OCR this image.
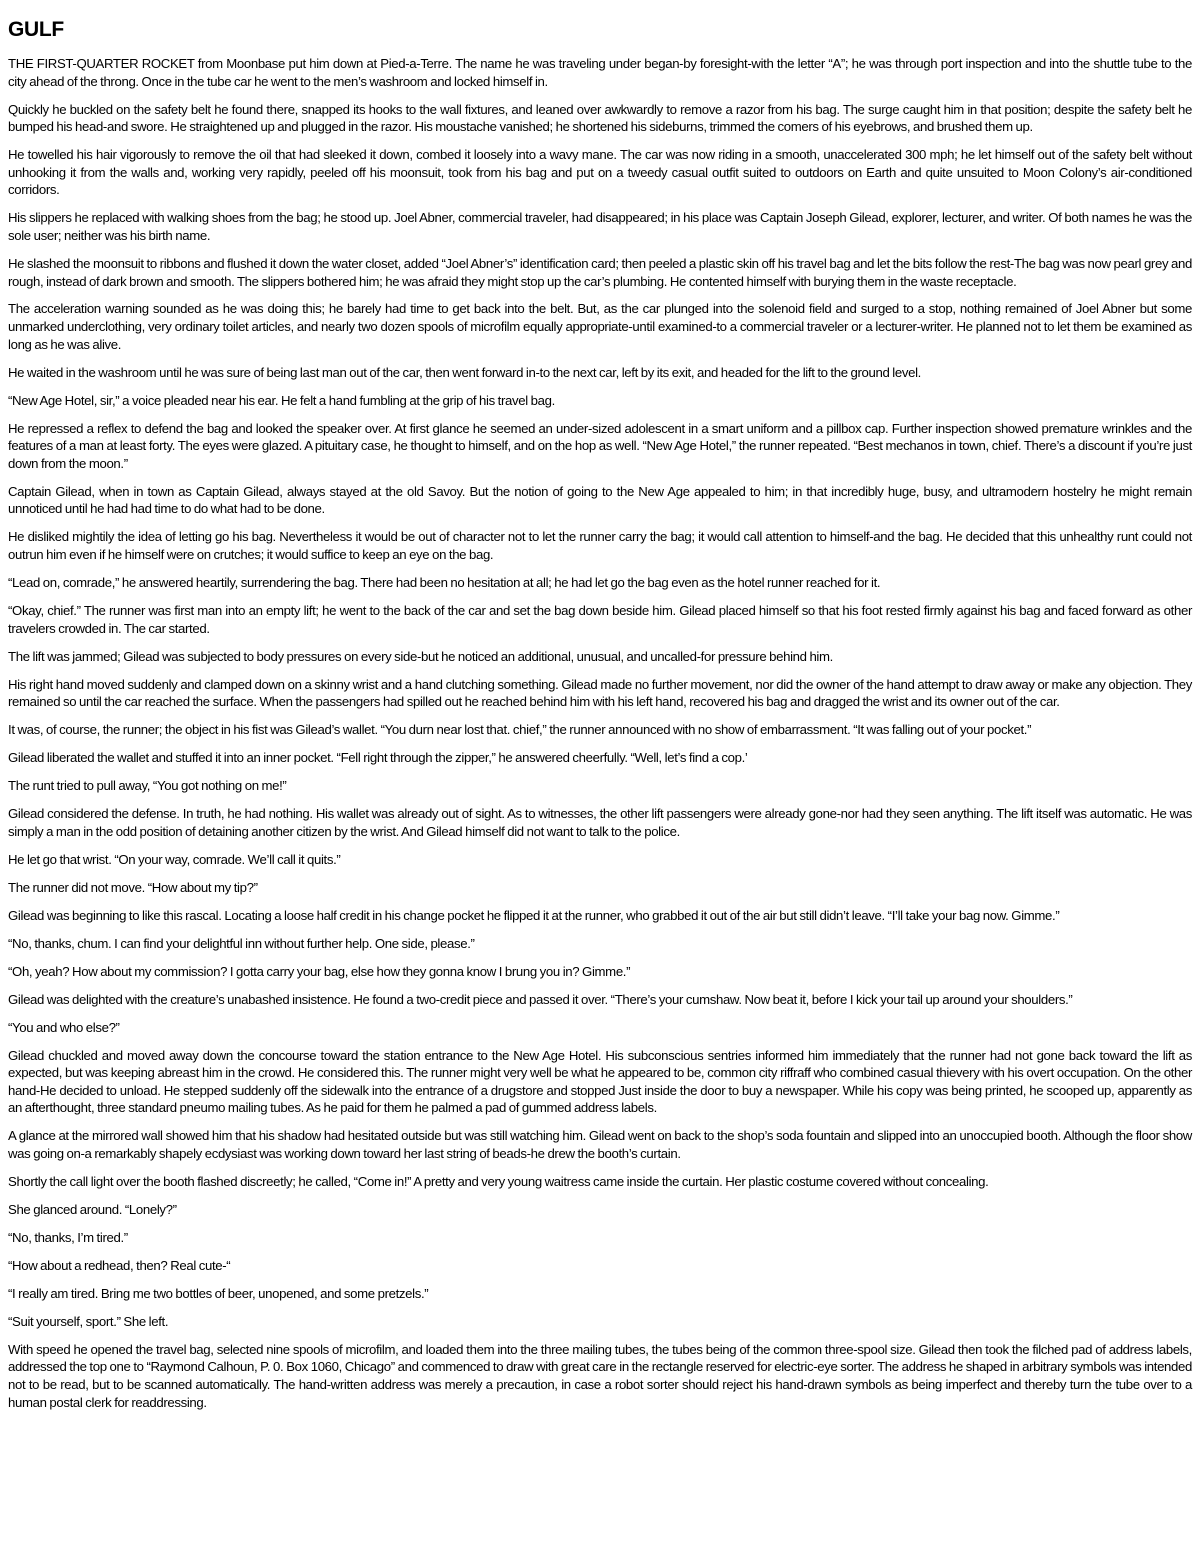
GULF

THE FIRST-QUARTER ROCKET from Moonbase put him down at Pied-a-Terre. The name he was traveling under began-by foresight-with the letter “A”; he was through port inspection and into the shuttle tube to the city ahead of the throng. Once in the tube car he went to the men’s washroom and locked himself in.

Quickly he buckled on the safety belt he found there, snapped its hooks to the wall fixtures, and leaned over awkwardly to remove a razor from his bag. The surge caught him in that position; despite the safety belt he bumped his head-and swore. He straightened up and plugged in the razor. His moustache vanished; he shortened his sideburns, trimmed the comers of his eyebrows, and brushed them up.

He towelled his hair vigorously to remove the oil that had sleeked it down, combed it loosely into a wavy mane. The car was now riding in a smooth, unaccelerated 300 mph; he let himself out of the safety belt without unhooking it from the walls and, working very rapidly, peeled off his moonsuit, took from his bag and put on a tweedy casual outfit suited to outdoors on Earth and quite unsuited to Moon Colony’s air-conditioned corridors.

His slippers he replaced with walking shoes from the bag; he stood up. Joel Abner, commercial traveler, had disappeared; in his place was Captain Joseph Gilead, explorer, lecturer, and writer. Of both names he was the sole user; neither was his birth name.

He slashed the moonsuit to ribbons and flushed it down the water closet, added “Joel Abner’s” identification card; then peeled a plastic skin off his travel bag and let the bits follow the rest-The bag was now pearl grey and rough, instead of dark brown and smooth. The slippers bothered him; he was afraid they might stop up the car’s plumbing. He contented himself with burying them in the waste receptacle.

The acceleration warning sounded as he was doing this; he barely had time to get back into the belt. But, as the car plunged into the solenoid field and surged to a stop, nothing remained of Joel Abner but some unmarked underclothing, very ordinary toilet articles, and nearly two dozen spools of microfilm equally appropriate-until examined-to a commercial traveler or a lecturer-writer. He planned not to let them be examined as long as he was alive.

He waited in the washroom until he was sure of being last man out of the car, then went forward in-to the next car, left by its exit, and headed for the lift to the ground level.

“New Age Hotel, sir,” a voice pleaded near his ear. He felt a hand fumbling at the grip of his travel bag.

He repressed a reflex to defend the bag and looked the speaker over. At first glance he seemed an under-sized adolescent in a smart uniform and a pillbox cap. Further inspection showed premature wrinkles and the features of a man at least forty. The eyes were glazed. A pituitary case, he thought to himself, and on the hop as well. “New Age Hotel,” the runner repeated. “Best mechanos in town, chief. There’s a discount if you’re just down from the moon.”

Captain Gilead, when in town as Captain Gilead, always stayed at the old Savoy. But the notion of going to the New Age appealed to him; in that incredibly huge, busy, and ultramodern hostelry he might remain unnoticed until he had had time to do what had to be done.

He disliked mightily the idea of letting go his bag. Nevertheless it would be out of character not to let the runner carry the bag; it would call attention to himself-and the bag. He decided that this unhealthy runt could not outrun him even if he himself were on crutches; it would suffice to keep an eye on the bag.

“Lead on, comrade,” he answered heartily, surrendering the bag. There had been no hesitation at all; he had let go the bag even as the hotel runner reached for it.

“Okay, chief.” The runner was first man into an empty lift; he went to the back of the car and set the bag down beside him. Gilead placed himself so that his foot rested firmly against his bag and faced forward as other travelers crowded in. The car started.

The lift was jammed; Gilead was subjected to body pressures on every side-but he noticed an additional, unusual, and uncalled-for pressure behind him.

His right hand moved suddenly and clamped down on a skinny wrist and a hand clutching something. Gilead made no further movement, nor did the owner of the hand attempt to draw away or make any objection. They remained so until the car reached the surface. When the passengers had spilled out he reached behind him with his left hand, recovered his bag and dragged the wrist and its owner out of the car.

It was, of course, the runner; the object in his fist was Gilead’s wallet. “You durn near lost that. chief,” the runner announced with no show of embarrassment. “It was falling out of your pocket.”

Gilead liberated the wallet and stuffed it into an inner pocket. “Fell right through the zipper,” he answered cheerfully. “Well, let’s find a cop.’

The runt tried to pull away, “You got nothing on me!”

Gilead considered the defense. In truth, he had nothing. His wallet was already out of sight. As to witnesses, the other lift passengers were already gone-nor had they seen anything. The lift itself was automatic. He was simply a man in the odd position of detaining another citizen by the wrist. And Gilead himself did not want to talk to the police.

He let go that wrist. “On your way, comrade. We’ll call it quits.”

The runner did not move. “How about my tip?”

Gilead was beginning to like this rascal. Locating a loose half credit in his change pocket he flipped it at the runner, who grabbed it out of the air but still didn’t leave. “I’ll take your bag now. Gimme.”

“No, thanks, chum. I can find your delightful inn without further help. One side, please.”

“Oh, yeah? How about my commission? I gotta carry your bag, else how they gonna know I brung you in? Gimme.”

Gilead was delighted with the creature’s unabashed insistence. He found a two-credit piece and passed it over. “There’s your cumshaw. Now beat it, before I kick your tail up around your shoulders.”

“You and who else?”

Gilead chuckled and moved away down the concourse toward the station entrance to the New Age Hotel. His subconscious sentries informed him immediately that the runner had not gone back toward the lift as expected, but was keeping abreast him in the crowd. He considered this. The runner might very well be what he appeared to be, common city riffraff who combined casual thievery with his overt occupation. On the other hand-He decided to unload. He stepped suddenly off the sidewalk into the entrance of a drugstore and stopped Just inside the door to buy a newspaper. While his copy was being printed, he scooped up, apparently as an afterthought, three standard pneumo mailing tubes. As he paid for them he palmed a pad of gummed address labels.

A glance at the mirrored wall showed him that his shadow had hesitated outside but was still watching him. Gilead went on back to the shop’s soda fountain and slipped into an unoccupied booth. Although the floor show was going on-a remarkably shapely ecdysiast was working down toward her last string of beads-he drew the booth’s curtain.

Shortly the call light over the booth flashed discreetly; he called, “Come in!” A pretty and very young waitress came inside the curtain. Her plastic costume covered without concealing.

She glanced around. “Lonely?”

“No, thanks, I’m tired.”

“How about a redhead, then? Real cute-“

“I really am tired. Bring me two bottles of beer, unopened, and some pretzels.”

“Suit yourself, sport.” She left.

With speed he opened the travel bag, selected nine spools of microfilm, and loaded them into the three mailing tubes, the tubes being of the common three-spool size. Gilead then took the filched pad of address labels, addressed the top one to “Raymond Calhoun, P. 0. Box 1060, Chicago” and commenced to draw with great care in the rectangle reserved for electric-eye sorter. The address he shaped in arbitrary symbols was intended not to be read, but to be scanned automatically. The hand-written address was merely a precaution, in case a robot sorter should reject his hand-drawn symbols as being imperfect and thereby turn the tube over to a human postal clerk for readdressing.
